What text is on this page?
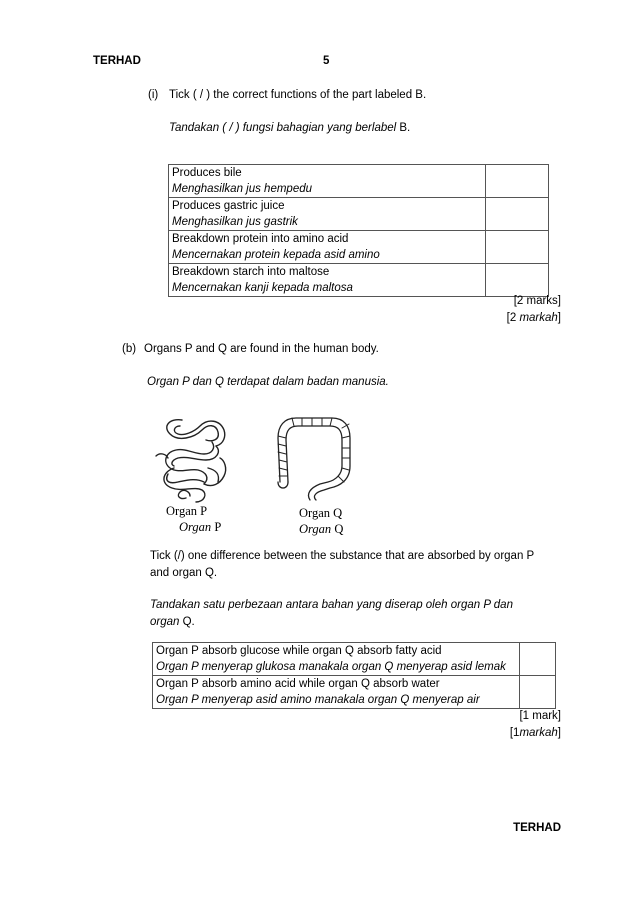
TERHAD	5
(i) Tick ( / ) the correct functions of the part labeled B.
Tandakan ( / ) fungsi bahagian yang berlabel B.
Produces bile
Menghasilkan jus hempedu	

Produces gastric juice
Menghasilkan jus gastrik	

Breakdown protein into amino acid
Mencernakan protein kepada asid amino	

Breakdown starch into maltose
Mencernakan kanji kepada maltosa	

[2 marks]
[2 markah]
(b) Organs P and Q are found in the human body.
Organ P dan Q terdapat dalam badan manusia.
Organ P
Organ P
Organ Q
Organ Q
Tick (/) one difference between the substance that are absorbed by organ P
and organ Q.
Tandakan satu perbezaan antara bahan yang diserap oleh organ P dan
organ Q.
Organ P absorb glucose while organ Q absorb fatty acid
Organ P menyerap glukosa manakala organ Q menyerap asid lemak	

Organ P absorb amino acid while organ Q absorb water
Organ P menyerap asid amino manakala organ Q menyerap air	

[1 mark]
[1markah]
TERHAD
